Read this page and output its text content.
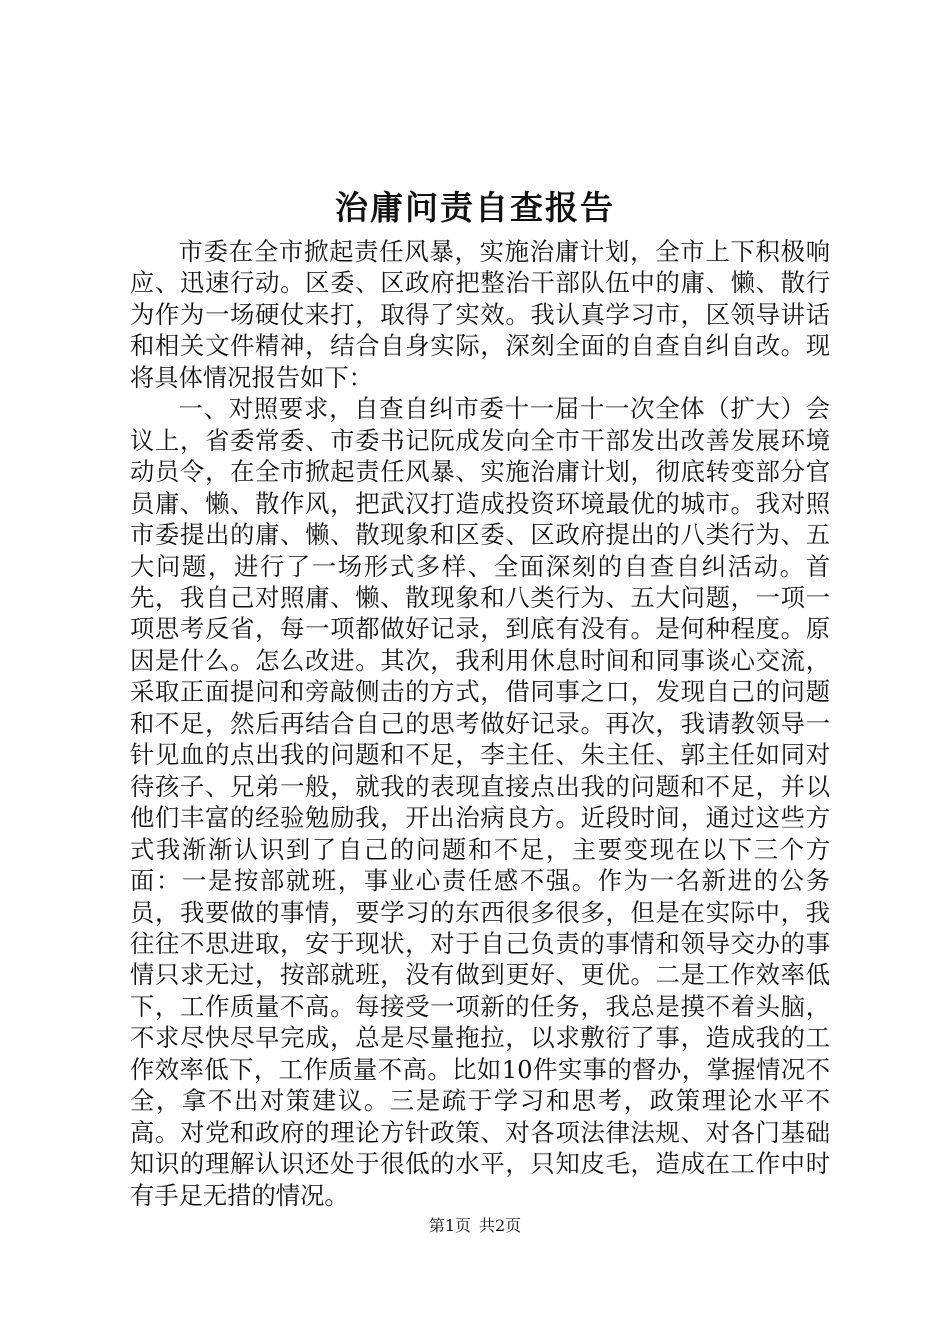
治庸问责自查报告

市委在全市掀起责任风暴，实施治庸计划，全市上下积极响应、迅速行动。区委、区政府把整治干部队伍中的庸、懒、散行为作为一场硬仗来打，取得了实效。我认真学习市，区领导讲话和相关文件精神，结合自身实际，深刻全面的自查自纠自改。现将具体情况报告如下：

一、对照要求，自查自纠市委十一届十一次全体（扩大）会议上，省委常委、市委书记阮成发向全市干部发出改善发展环境动员令，在全市掀起责任风暴、实施治庸计划，彻底转变部分官员庸、懒、散作风，把武汉打造成投资环境最优的城市。我对照市委提出的庸、懒、散现象和区委、区政府提出的八类行为、五大问题，进行了一场形式多样、全面深刻的自查自纠活动。首先，我自己对照庸、懒、散现象和八类行为、五大问题，一项一项思考反省，每一项都做好记录，到底有没有。是何种程度。原因是什么。怎么改进。其次，我利用休息时间和同事谈心交流，采取正面提问和旁敲侧击的方式，借同事之口，发现自己的问题和不足，然后再结合自己的思考做好记录。再次，我请教领导一针见血的点出我的问题和不足，李主任、朱主任、郭主任如同对待孩子、兄弟一般，就我的表现直接点出我的问题和不足，并以他们丰富的经验勉励我，开出治病良方。近段时间，通过这些方式我渐渐认识到了自己的问题和不足，主要变现在以下三个方面：一是按部就班，事业心责任感不强。作为一名新进的公务员，我要做的事情，要学习的东西很多很多，但是在实际中，我往往不思进取，安于现状，对于自己负责的事情和领导交办的事情只求无过，按部就班，没有做到更好、更优。二是工作效率低下，工作质量不高。每接受一项新的任务，我总是摸不着头脑，不求尽快尽早完成，总是尽量拖拉，以求敷衍了事，造成我的工作效率低下，工作质量不高。比如10件实事的督办，掌握情况不全，拿不出对策建议。三是疏于学习和思考，政策理论水平不高。对党和政府的理论方针政策、对各项法律法规、对各门基础知识的理解认识还处于很低的水平，只知皮毛，造成在工作中时有手足无措的情况。

第1页 共2页
